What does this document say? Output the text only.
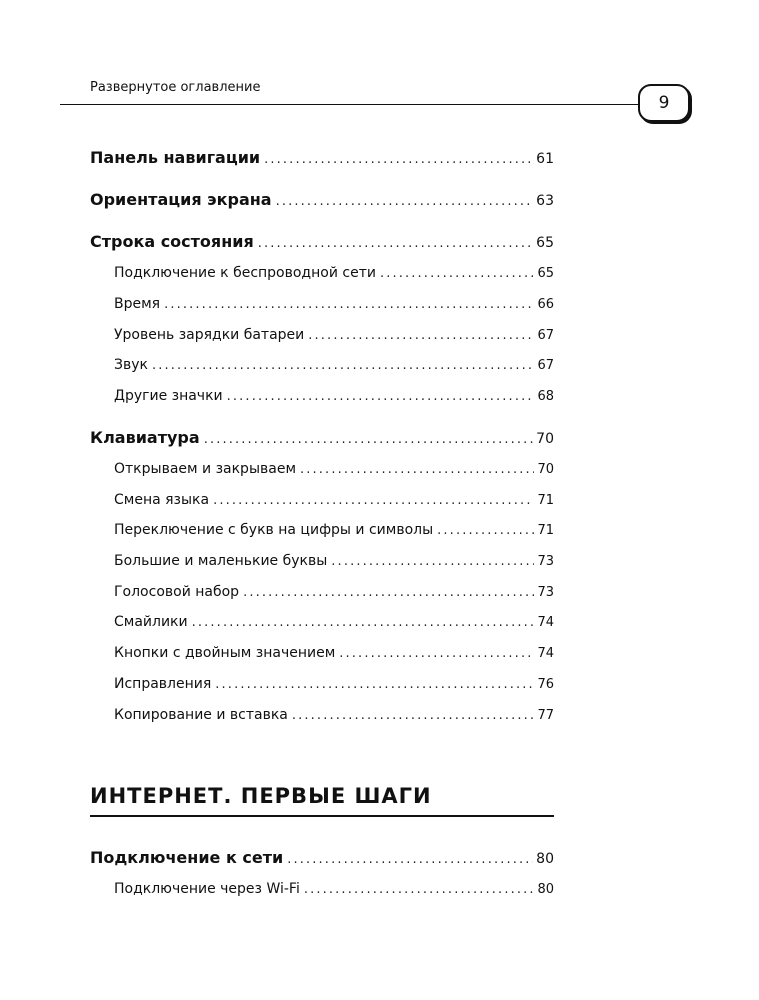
Развернутое оглавление
9
Панель навигации . . .	61
Ориентация экрана . . .	63
Строка состояния . . .	65
Подключение к беспроводной сети . . .	65
Время . . .	66
Уровень зарядки батареи . . .	67
Звук . . .	67
Другие значки . . .	68
Клавиатура . . .	70
Открываем и закрываем . . .	70
Смена языка . . .	71
Переключение с букв на цифры и символы . . .	71
Большие и маленькие буквы . . .	73
Голосовой набор . . .	73
Смайлики . . .	74
Кнопки с двойным значением . . .	74
Исправления . . .	76
Копирование и вставка . . .	77
ИНТЕРНЕТ. ПЕРВЫЕ ШАГИ
Подключение к сети . . .	80
Подключение через Wi-Fi . . .	80
